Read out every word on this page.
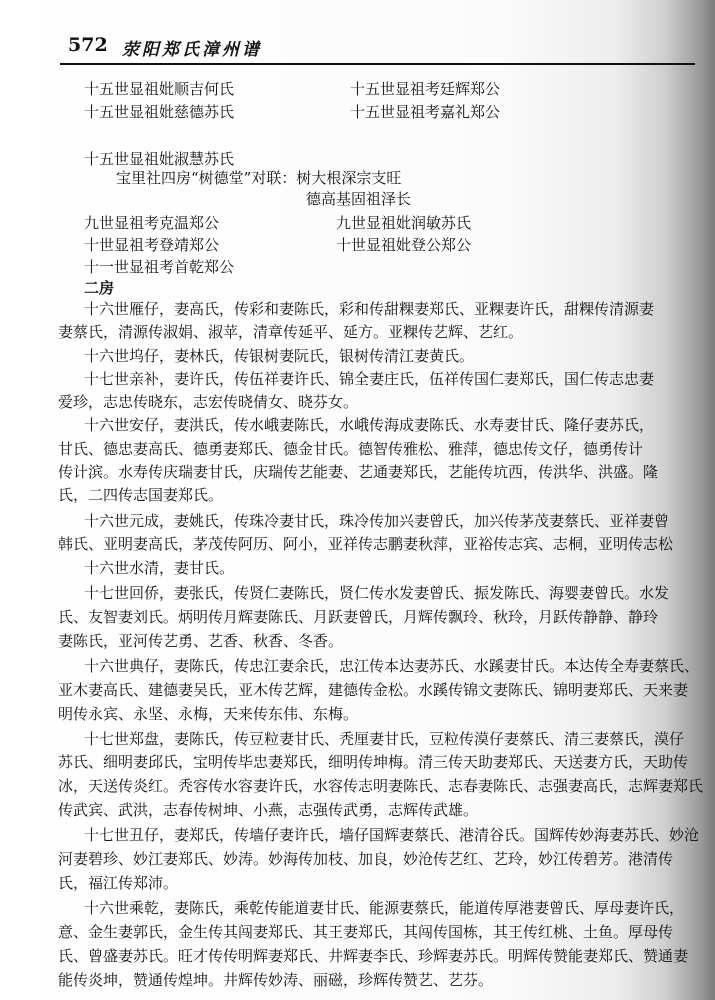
572 荥阳郑氏漳州谱
十五世显祖妣顺吉何氏	十五世显祖考廷辉郑公
十五世显祖妣慈德苏氏	十五世显祖考嘉礼郑公
十五世显祖妣淑慧苏氏
宝里社四房“树德堂”对联：树大根深宗支旺
德高基固祖泽长
九世显祖考克温郑公	九世显祖妣润敏苏氏
十世显祖考登靖郑公	十世显祖妣登公郑公
十一世显祖考首乾郑公
二房
十六世雁仔，妻高氏，传彩和妻陈氏，彩和传甜粿妻郑氏、亚粿妻许氏，甜粿传清源妻
妻蔡氏，清源传淑娟、淑苹，清章传延平、延方。亚粿传艺辉、艺红。
十六世坞仔，妻林氏，传银树妻阮氏，银树传清江妻黄氏。
十七世亲补，妻许氏，传伍祥妻许氏、锦全妻庄氏，伍祥传国仁妻郑氏，国仁传志忠妻
爱珍，志忠传晓东，志宏传晓倩女、晓芬女。
十六世安仔，妻洪氏，传水峨妻陈氏，水峨传海成妻陈氏、水寿妻甘氏、隆仔妻苏氏，
甘氏、德忠妻高氏、德勇妻郑氏、德金甘氏。德智传雅松、雅萍，德忠传文仔，德勇传计
传计滨。水寿传庆瑞妻甘氏，庆瑞传艺能妻、艺通妻郑氏，艺能传坑西，传洪华、洪盛。隆
氏，二四传志国妻郑氏。
十六世元成，妻姚氏，传珠冷妻甘氏，珠冷传加兴妻曾氏，加兴传茅茂妻蔡氏、亚祥妻曾
韩氏、亚明妻高氏，茅茂传阿历、阿小，亚祥传志鹏妻秋萍，亚裕传志宾、志桐，亚明传志松
十六世水清，妻甘氏。
十七世回侨，妻张氏，传贤仁妻陈氏，贤仁传水发妻曾氏、振发陈氏、海婴妻曾氏。水发
氏、友智妻刘氏。炳明传月辉妻陈氏、月跃妻曾氏，月辉传飘玲、秋玲，月跃传静静、静玲
妻陈氏，亚河传艺勇、艺香、秋香、冬香。
十六世典仔，妻陈氏，传忠江妻余氏，忠江传本达妻苏氏、水蹊妻甘氏。本达传全寿妻蔡氏、
亚木妻高氏、建德妻吴氏，亚木传艺辉，建德传金松。水蹊传锦文妻陈氏、锦明妻郑氏、天来妻
明传永宾、永坚、永梅，天来传东伟、东梅。
十七世郑盘，妻陈氏，传豆粒妻甘氏、秃厘妻甘氏，豆粒传漠仔妻蔡氏、清三妻蔡氏，漠仔
苏氏、细明妻邱氏，宝明传毕忠妻郑氏，细明传坤梅。清三传天助妻郑氏、天送妻方氏，天助传
冰，天送传炎红。秃容传水容妻许氏，水容传志明妻陈氏、志春妻陈氏、志强妻高氏，志辉妻郑氏
传武宾、武洪，志春传树坤、小燕，志强传武勇，志辉传武雄。
十七世丑仔，妻郑氏，传墙仔妻许氏，墙仔国辉妻蔡氏、港清谷氏。国辉传妙海妻苏氏、妙沧
河妻碧珍、妙江妻郑氏、妙涛。妙海传加枝、加良，妙沧传艺红、艺玲，妙江传碧芳。港清传
氏，福江传郑沛。
十六世乘乾，妻陈氏，乘乾传能道妻甘氏、能源妻蔡氏，能道传厚港妻曾氏、厚母妻许氏，
意、金生妻郭氏，金生传其闯妻郑氏、其王妻郑氏，其闯传国栋，其王传红桃、土鱼。厚母传
氏、曾盛妻苏氏。旺才传传明辉妻郑氏、井辉妻李氏、珍辉妻苏氏。明辉传赞能妻郑氏、赞通妻
能传炎坤，赞通传煌坤。井辉传妙涛、丽磁，珍辉传赞艺、艺芬。
